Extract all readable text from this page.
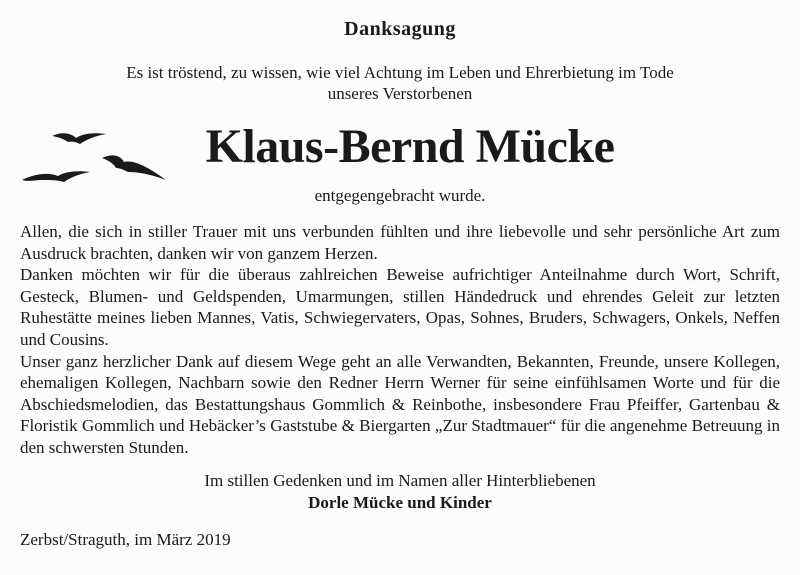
Danksagung
Es ist tröstend, zu wissen, wie viel Achtung im Leben und Ehrerbietung im Tode
unseres Verstorbenen
Klaus-Bernd Mücke
entgegengebracht wurde.

Allen, die sich in stiller Trauer mit uns verbunden fühlten und ihre liebevolle und sehr persönliche Art zum Ausdruck brachten, danken wir von ganzem Herzen.

Danken möchten wir für die überaus zahlreichen Beweise aufrichtiger Anteilnahme durch Wort, Schrift, Gesteck, Blumen- und Geldspenden, Umarmungen, stillen Händedruck und ehrendes Geleit zur letzten Ruhestätte meines lieben Mannes, Vatis, Schwiegervaters, Opas, Sohnes, Bruders, Schwagers, Onkels, Neffen und Cousins.

Unser ganz herzlicher Dank auf diesem Wege geht an alle Verwandten, Bekannten, Freunde, unsere Kollegen, ehemaligen Kollegen, Nachbarn sowie den Redner Herrn Werner für seine einfühlsamen Worte und für die Abschiedsmelodien, das Bestattungshaus Gommlich & Reinbothe, insbesondere Frau Pfeiffer, Gartenbau & Floristik Gommlich und Hebäcker’s Gaststube & Biergarten „Zur Stadtmauer“ für die angenehme Betreuung in den schwersten Stunden.

Im stillen Gedenken und im Namen aller Hinterbliebenen
Dorle Mücke und Kinder
Zerbst/Straguth, im März 2019
